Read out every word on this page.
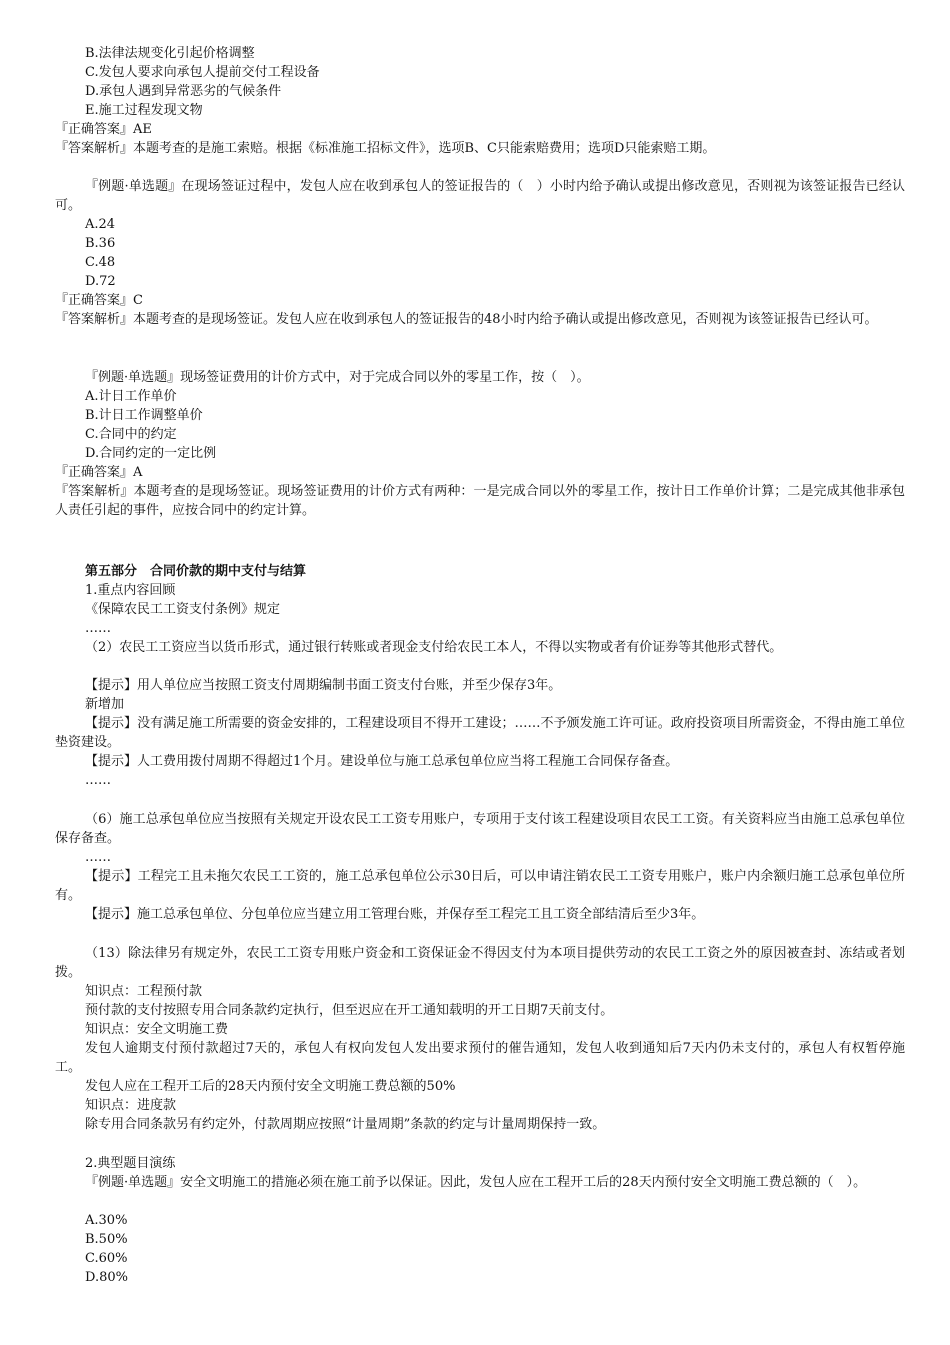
B.法律法规变化引起价格调整
C.发包人要求向承包人提前交付工程设备
D.承包人遇到异常恶劣的气候条件
E.施工过程发现文物
『正确答案』AE
『答案解析』本题考查的是施工索赔。根据《标准施工招标文件》，选项B、C只能索赔费用；选项D只能索赔工期。
『例题·单选题』在现场签证过程中，发包人应在收到承包人的签证报告的（　）小时内给予确认或提出修改意见，否则视为该签证报告已经认可。
A.24
B.36
C.48
D.72
『正确答案』C
『答案解析』本题考查的是现场签证。发包人应在收到承包人的签证报告的48小时内给予确认或提出修改意见，否则视为该签证报告已经认可。
『例题·单选题』现场签证费用的计价方式中，对于完成合同以外的零星工作，按（　）。
A.计日工作单价
B.计日工作调整单价
C.合同中的约定
D.合同约定的一定比例
『正确答案』A
『答案解析』本题考查的是现场签证。现场签证费用的计价方式有两种：一是完成合同以外的零星工作，按计日工作单价计算；二是完成其他非承包人责任引起的事件，应按合同中的约定计算。
第五部分　合同价款的期中支付与结算
1.重点内容回顾
《保障农民工工资支付条例》规定
……
（2）农民工工资应当以货币形式，通过银行转账或者现金支付给农民工本人，不得以实物或者有价证券等其他形式替代。
【提示】用人单位应当按照工资支付周期编制书面工资支付台账，并至少保存3年。
新增加
【提示】没有满足施工所需要的资金安排的，工程建设项目不得开工建设；……不予颁发施工许可证。政府投资项目所需资金，不得由施工单位垫资建设。
【提示】人工费用拨付周期不得超过1个月。建设单位与施工总承包单位应当将工程施工合同保存备查。
……
（6）施工总承包单位应当按照有关规定开设农民工工资专用账户，专项用于支付该工程建设项目农民工工资。有关资料应当由施工总承包单位保存备查。
……
【提示】工程完工且未拖欠农民工工资的，施工总承包单位公示30日后，可以申请注销农民工工资专用账户，账户内余额归施工总承包单位所有。
【提示】施工总承包单位、分包单位应当建立用工管理台账，并保存至工程完工且工资全部结清后至少3年。
（13）除法律另有规定外，农民工工资专用账户资金和工资保证金不得因支付为本项目提供劳动的农民工工资之外的原因被查封、冻结或者划拨。
知识点：工程预付款
预付款的支付按照专用合同条款约定执行，但至迟应在开工通知载明的开工日期7天前支付。
知识点：安全文明施工费
发包人逾期支付预付款超过7天的，承包人有权向发包人发出要求预付的催告通知，发包人收到通知后7天内仍未支付的，承包人有权暂停施工。
发包人应在工程开工后的28天内预付安全文明施工费总额的50%
知识点：进度款
除专用合同条款另有约定外，付款周期应按照“计量周期”条款的约定与计量周期保持一致。
2.典型题目演练
『例题·单选题』安全文明施工的措施必须在施工前予以保证。因此，发包人应在工程开工后的28天内预付安全文明施工费总额的（　）。
A.30%
B.50%
C.60%
D.80%
